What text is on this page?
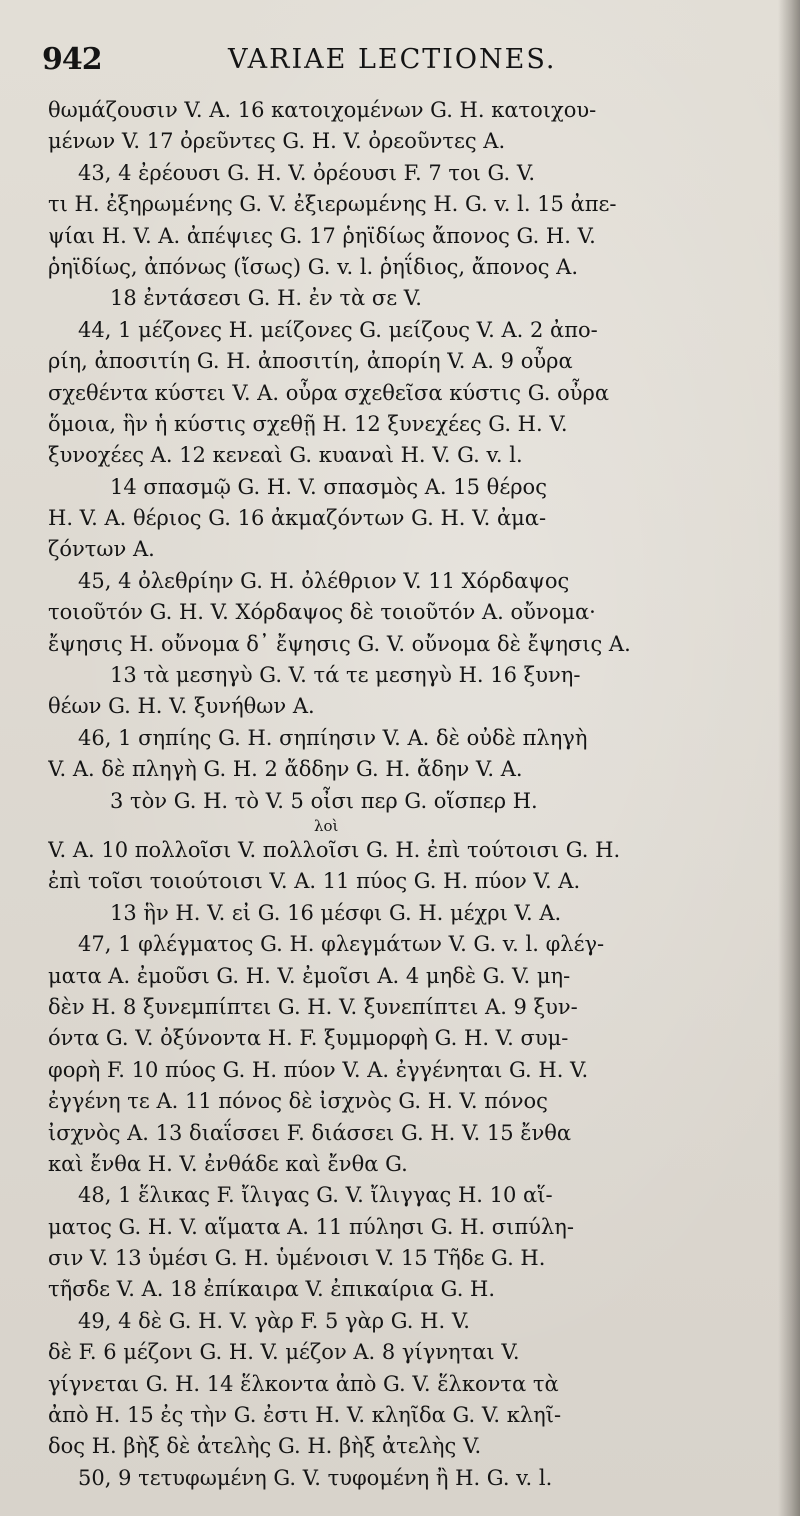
942	VARIAE LECTIONES.
θωμάζουσιν V. A. 16 κατοιχομένων G. H. κατοιχου-
μένων V. 17 ὀρεῦντες G. H. V. ὀρεοῦντες A.
43, 4 ἐρέουσι G. H. V. ὀρέουσι F. 7 τοι G. V.
τι H. ἐξηρωμένης G. V. ἐξιερωμένης H. G. v. l. 15 ἀπε-
ψίαι H. V. A. ἀπέψιες G. 17 ῥηϊδίως ἄπονος G. H. V.
ῥηϊδίως, ἀπόνως (ἴσως) G. v. l. ῥηΐδιος, ἄπονος A.
18 ἐντάσεσι G. H. ἐν τὰ σε V.
44, 1 μέζονες H. μείζονες G. μείζους V. A. 2 ἀπο-
ρίη, ἀποσιτίη G. H. ἀποσιτίη, ἀπορίη V. A. 9 οὖρα
σχεθέντα κύστει V. A. οὖρα σχεθεῖσα κύστις G. οὖρα
ὅμοια, ἣν ἡ κύστις σχεθῇ H. 12 ξυνεχέες G. H. V.
ξυνοχέες A. 12 κενεαὶ G. κυαναὶ H. V. G. v. l.
14 σπασμῷ G. H. V. σπασμὸς A. 15 θέρος
H. V. A. θέριος G. 16 ἀκμαζόντων G. H. V. ἀμα-
ζόντων A.
45, 4 ὀλεθρίην G. H. ὀλέθριον V. 11 Χόρδαψος
τοιοῦτόν G. H. V. Χόρδαψος δὲ τοιοῦτόν A. οὔνομα·
ἔψησις H. οὔνομα δ᾽ ἔψησις G. V. οὔνομα δὲ ἔψησις A.
13 τὰ μεσηγὺ G. V. τά τε μεσηγὺ H. 16 ξυνη-
θέων G. H. V. ξυνήθων A.
46, 1 σηπίης G. H. σηπίησιν V. A. δὲ οὐδὲ πληγὴ
V. A. δὲ πληγὴ G. H. 2 ἄδδην G. H. ἄδην V. A.
3 τὸν G. H. τὸ V. 5 οἶσι περ G. οἵσπερ H.
λοὶ
V. A. 10 πολλοῖσι V. πολλοῖσι G. H. ἐπὶ τούτοισι G. H.
ἐπὶ τοῖσι τοιούτοισι V. A. 11 πύος G. H. πύον V. A.
13 ἣν H. V. εἰ G. 16 μέσφι G. H. μέχρι V. A.
47, 1 φλέγματος G. H. φλεγμάτων V. G. v. l. φλέγ-
ματα A. ἐμοῦσι G. H. V. ἐμοῖσι A. 4 μηδὲ G. V. μη-
δὲν H. 8 ξυνεμπίπτει G. H. V. ξυνεπίπτει A. 9 ξυν-
όντα G. V. ὀξύνοντα H. F. ξυμμορφὴ G. H. V. συμ-
φορὴ F. 10 πύος G. H. πύον V. A. ἐγγένηται G. H. V.
ἐγγένη τε A. 11 πόνος δὲ ἰσχνὸς G. H. V. πόνος
ἰσχνὸς A. 13 διαΐσσει F. διάσσει G. H. V. 15 ἔνθα
καὶ ἔνθα H. V. ἐνθάδε καὶ ἔνθα G.
48, 1 ἕλικας F. ἴλιγας G. V. ἴλιγγας H. 10 αἵ-
ματος G. H. V. αἵματα A. 11 πύλησι G. H. σιπύλη-
σιν V. 13 ὑμέσι G. H. ὑμένοισι V. 15 Τῆδε G. H.
τῆσδε V. A. 18 ἐπίκαιρα V. ἐπικαίρια G. H.
49, 4 δὲ G. H. V. γὰρ F. 5 γὰρ G. H. V.
δὲ F. 6 μέζονι G. H. V. μέζον A. 8 γίγνηται V.
γίγνεται G. H. 14 ἕλκοντα ἀπὸ G. V. ἕλκοντα τὰ
ἀπὸ H. 15 ἐς τὴν G. ἐστι H. V. κληῖδα G. V. κληῖ-
δος H. βὴξ δὲ ἀτελὴς G. H. βὴξ ἀτελὴς V.
50, 9 τετυφωμένη G. V. τυφομένη ἢ H. G. v. l.
